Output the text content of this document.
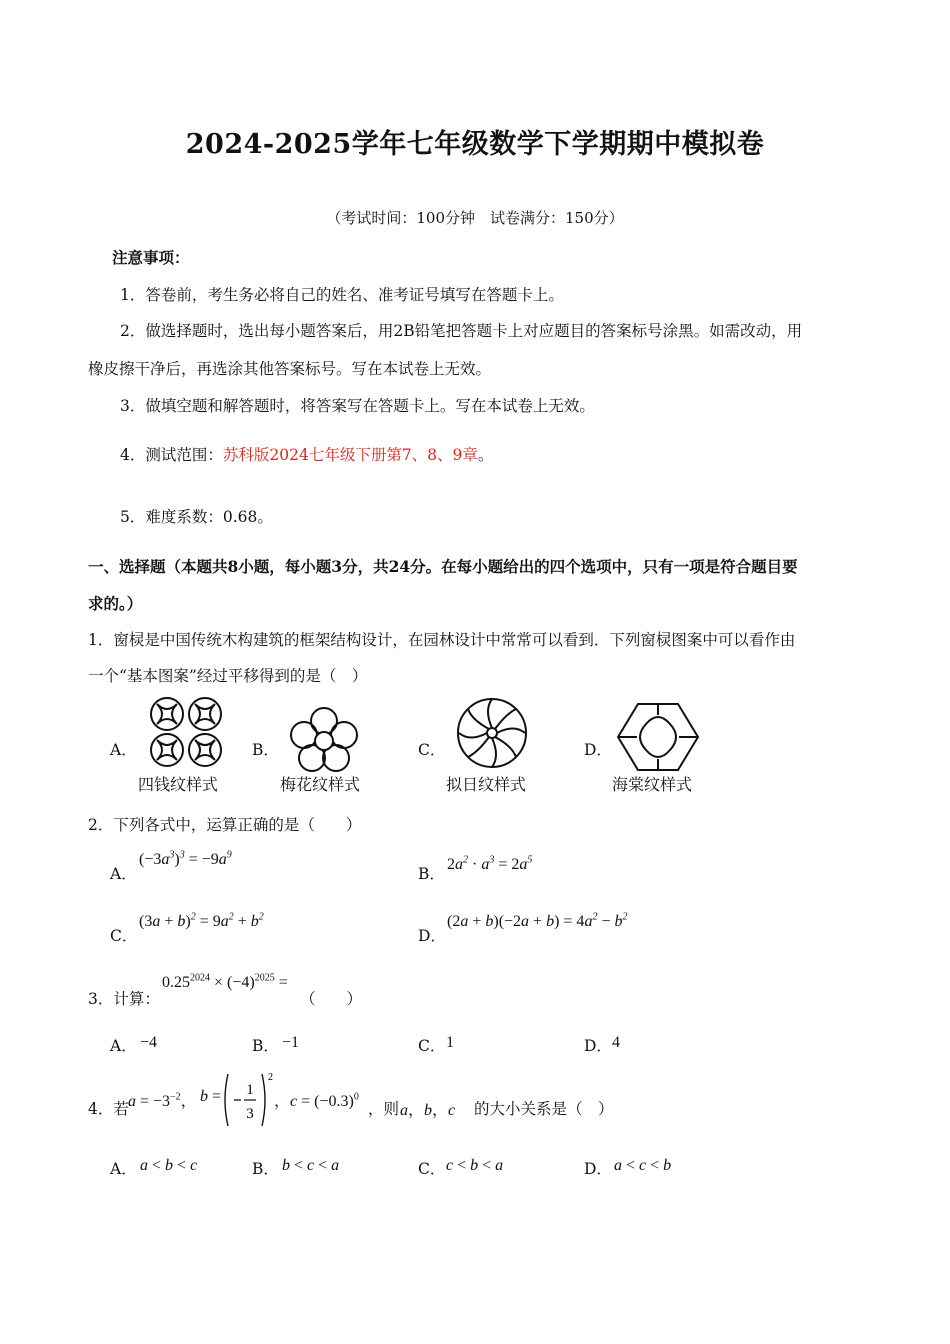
2024-2025学年七年级数学下学期期中模拟卷
（考试时间：100分钟　试卷满分：150分）
注意事项：
1．答卷前，考生务必将自己的姓名、准考证号填写在答题卡上。
2．做选择题时，选出每小题答案后，用2B铅笔把答题卡上对应题目的答案标号涂黑。如需改动，用
橡皮擦干净后，再选涂其他答案标号。写在本试卷上无效。
3．做填空题和解答题时，将答案写在答题卡上。写在本试卷上无效。
4．测试范围：苏科版2024七年级下册第7、8、9章。
5．难度系数：0.68。
一、选择题（本题共8小题，每小题3分，共24分。在每小题给出的四个选项中，只有一项是符合题目要
求的。）
1．窗棂是中国传统木构建筑的框架结构设计，在园林设计中常常可以看到．下列窗棂图案中可以看作由
一个“基本图案”经过平移得到的是（　）
A．
四钱纹样式
B．
梅花纹样式
C．
拟日纹样式
D．
海棠纹样式
2．下列各式中，运算正确的是（　　）
A．
$(-3a^3)^3 = -9a^9$
B．
$2a^2 \cdot a^3 = 2a^5$
C．
$(3a + b)^2 = 9a^2 + b^2$
D．
$(2a + b)(-2a + b) = 4a^2 - b^2$
3．计算：
$0.25^{2024} \times (-4)^{2025}$ =
（　　）
A． −4	B． −1	C． 1	D． 4
4．若 $a = -3^{-2}$， b = 1
3
2
，$c = (-0.3)^0$
，则 a，b，c 的大小关系是（　）
A． a < b < c	B． b < c < a	C． c < b < a	D． a < c < b
